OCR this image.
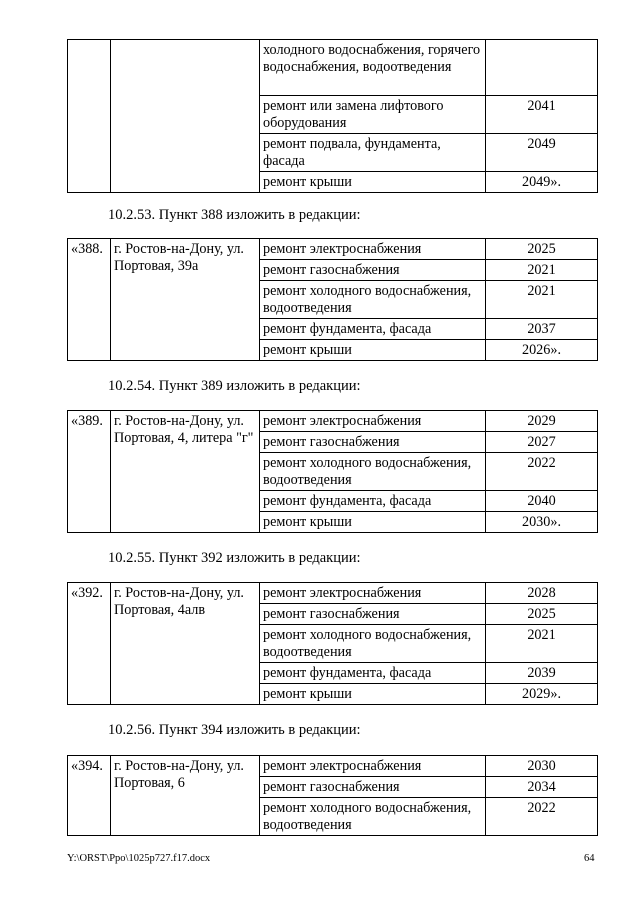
		холодного водоснабжения, горячего водоснабжения, водоотведения	
		ремонт или замена лифтового оборудования	2041
		ремонт подвала, фундамента, фасада	2049
		ремонт крыши	2049».
10.2.53. Пункт 388 изложить в редакции:
«388.	г. Ростов-на-Дону, ул. Портовая, 39а	ремонт электроснабжения	2025
		ремонт газоснабжения	2021
		ремонт холодного водоснабжения, водоотведения	2021
		ремонт фундамента, фасада	2037
		ремонт крыши	2026».
10.2.54. Пункт 389 изложить в редакции:
«389.	г. Ростов-на-Дону, ул. Портовая, 4, литера "г"	ремонт электроснабжения	2029
		ремонт газоснабжения	2027
		ремонт холодного водоснабжения, водоотведения	2022
		ремонт фундамента, фасада	2040
		ремонт крыши	2030».
10.2.55. Пункт 392 изложить в редакции:
«392.	г. Ростов-на-Дону, ул. Портовая, 4алв	ремонт электроснабжения	2028
		ремонт газоснабжения	2025
		ремонт холодного водоснабжения, водоотведения	2021
		ремонт фундамента, фасада	2039
		ремонт крыши	2029».
10.2.56. Пункт 394 изложить в редакции:
«394.	г. Ростов-на-Дону, ул. Портовая, 6	ремонт электроснабжения	2030
		ремонт газоснабжения	2034
		ремонт холодного водоснабжения, водоотведения	2022
Y:\ORST\Ppo\1025p727.f17.docx	64
